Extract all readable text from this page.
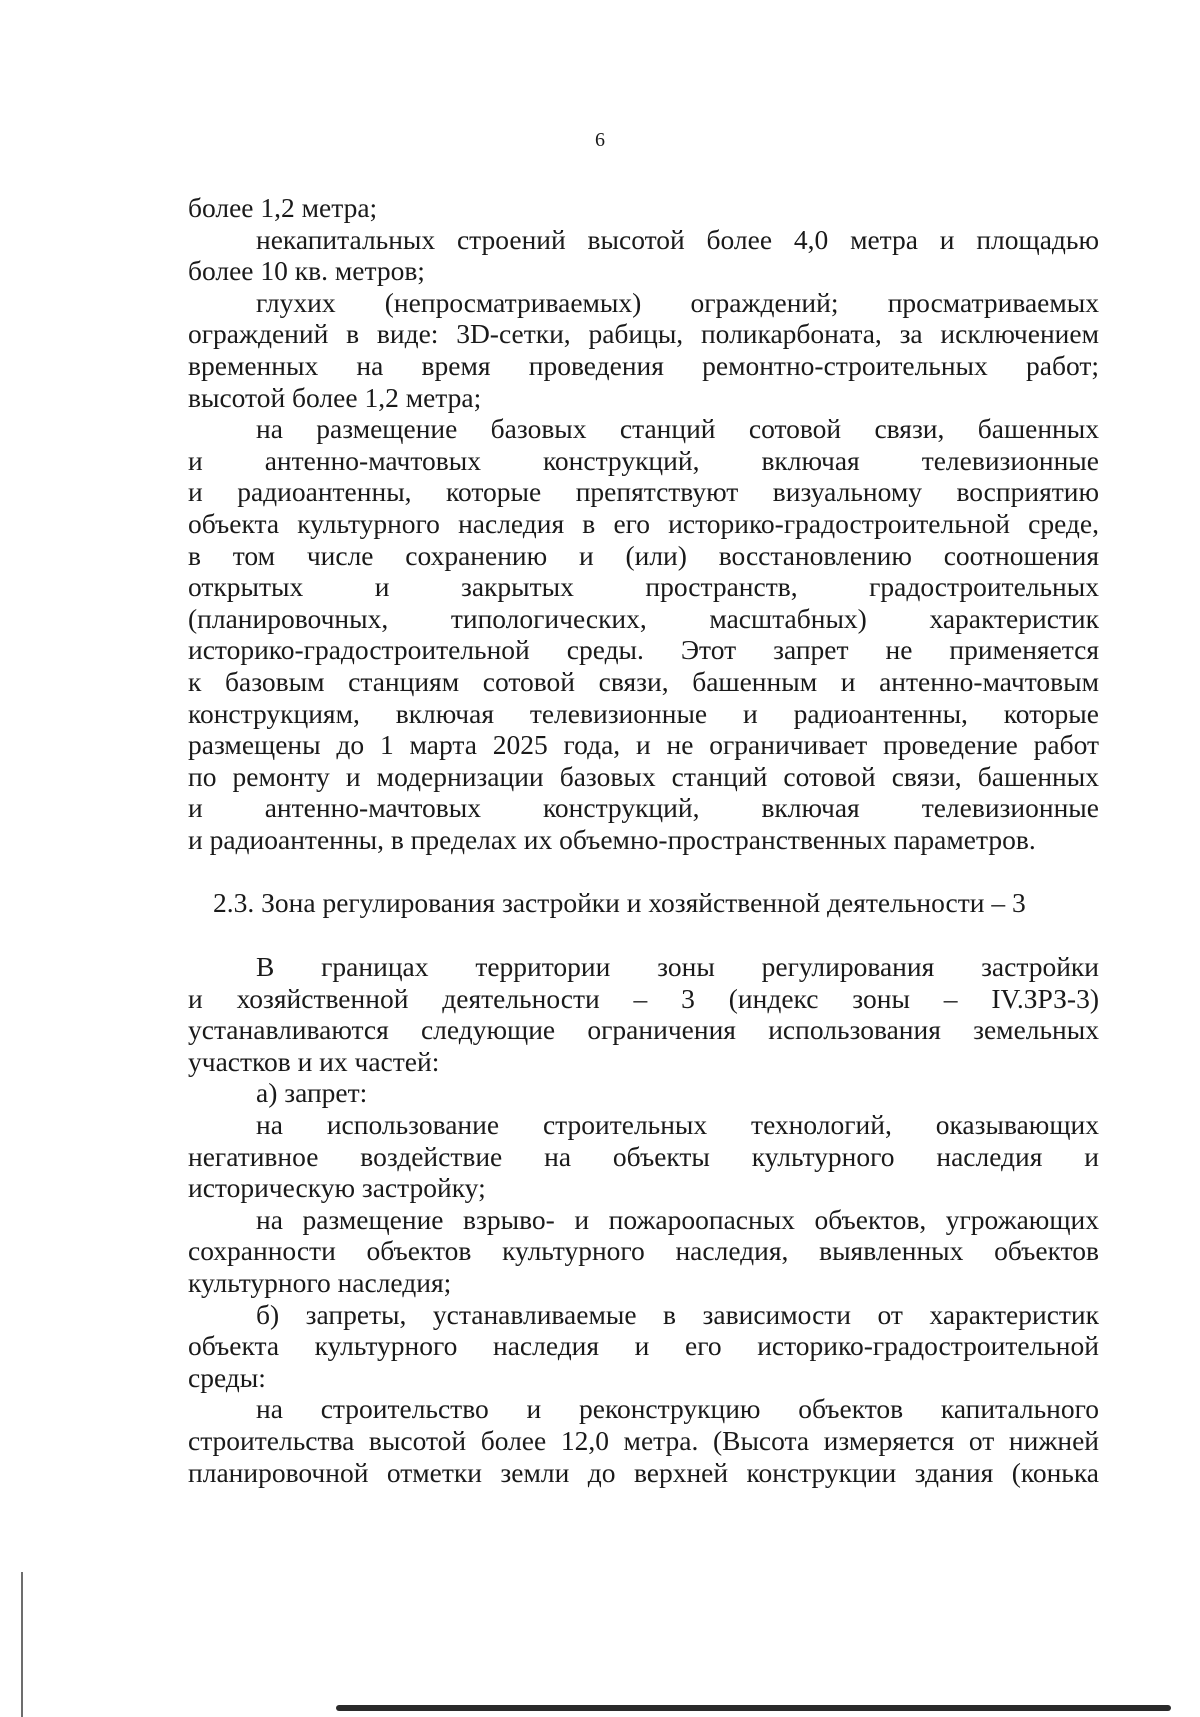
6

более 1,2 метра;

некапитальных строений высотой более 4,0 метра и площадью

более 10 кв. метров;

глухих (непросматриваемых) ограждений; просматриваемых

ограждений в виде: 3D-сетки, рабицы, поликарбоната, за исключением

временных на время проведения ремонтно-строительных работ;

высотой более 1,2 метра;

на размещение базовых станций сотовой связи, башенных

и антенно-мачтовых конструкций, включая телевизионные

и радиоантенны, которые препятствуют визуальному восприятию

объекта культурного наследия в его историко-градостроительной среде,

в том числе сохранению и (или) восстановлению соотношения

открытых и закрытых пространств, градостроительных

(планировочных, типологических, масштабных) характеристик

историко-градостроительной среды. Этот запрет не применяется

к базовым станциям сотовой связи, башенным и антенно-мачтовым

конструкциям, включая телевизионные и радиоантенны, которые

размещены до 1 марта 2025 года, и не ограничивает проведение работ

по ремонту и модернизации базовых станций сотовой связи, башенных

и антенно-мачтовых конструкций, включая телевизионные

и радиоантенны, в пределах их объемно-пространственных параметров.

2.3. Зона регулирования застройки и хозяйственной деятельности – 3

В границах территории зоны регулирования застройки

и хозяйственной деятельности – 3 (индекс зоны – IV.ЗРЗ-3)

устанавливаются следующие ограничения использования земельных

участков и их частей:

а) запрет:

на использование строительных технологий, оказывающих

негативное воздействие на объекты культурного наследия и

историческую застройку;

на размещение взрыво- и пожароопасных объектов, угрожающих

сохранности объектов культурного наследия, выявленных объектов

культурного наследия;

б) запреты, устанавливаемые в зависимости от характеристик

объекта культурного наследия и его историко-градостроительной

среды:

на строительство и реконструкцию объектов капитального

строительства высотой более 12,0 метра. (Высота измеряется от нижней

планировочной отметки земли до верхней конструкции здания (конька
